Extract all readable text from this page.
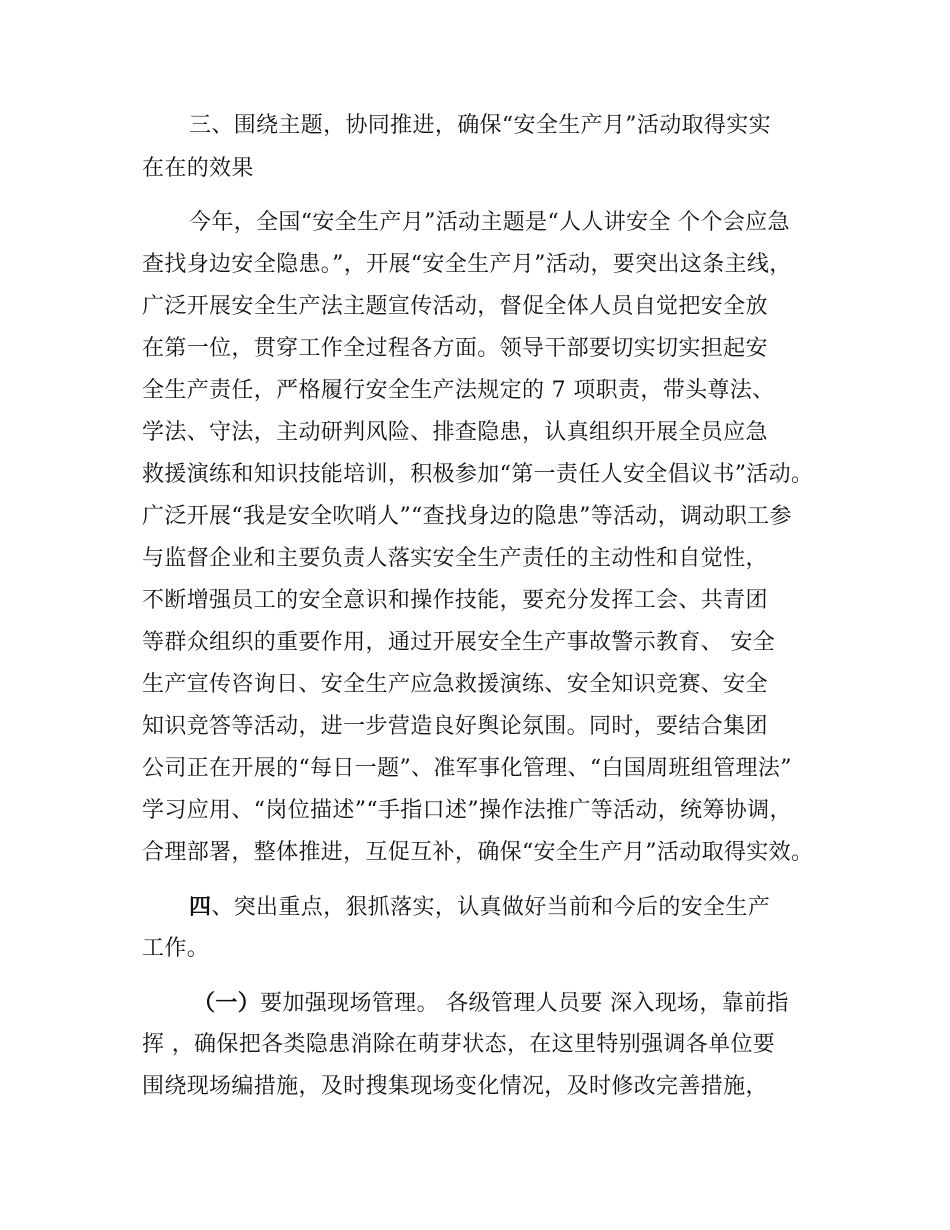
三、围绕主题，协同推进，确保“安全生产月”活动取得实实
在在的效果
今年，全国“安全生产月”活动主题是“人人讲安全 个个会应急
查找身边安全隐患。”，开展“安全生产月”活动，要突出这条主线，
广泛开展安全生产法主题宣传活动，督促全体人员自觉把安全放
在第一位，贯穿工作全过程各方面。领导干部要切实切实担起安
全生产责任，严格履行安全生产法规定的 7 项职责，带头尊法、
学法、守法，主动研判风险、排查隐患，认真组织开展全员应急
救援演练和知识技能培训，积极参加“第一责任人安全倡议书”活动。
广泛开展“我是安全吹哨人”“查找身边的隐患”等活动，调动职工参
与监督企业和主要负责人落实安全生产责任的主动性和自觉性，
不断增强员工的安全意识和操作技能，要充分发挥工会、共青团
等群众组织的重要作用，通过开展安全生产事故警示教育、 安全
生产宣传咨询日、安全生产应急救援演练、安全知识竞赛、安全
知识竞答等活动，进一步营造良好舆论氛围。同时，要结合集团
公司正在开展的“每日一题”、准军事化管理、“白国周班组管理法”
学习应用、“岗位描述”“手指口述”操作法推广等活动，统筹协调，
合理部署，整体推进，互促互补，确保“安全生产月”活动取得实效。
四、突出重点，狠抓落实，认真做好当前和今后的安全生产
工作。
（一）要加强现场管理。 各级管理人员要 深入现场，靠前指
挥 ，确保把各类隐患消除在萌芽状态，在这里特别强调各单位要
围绕现场编措施，及时搜集现场变化情况，及时修改完善措施，
